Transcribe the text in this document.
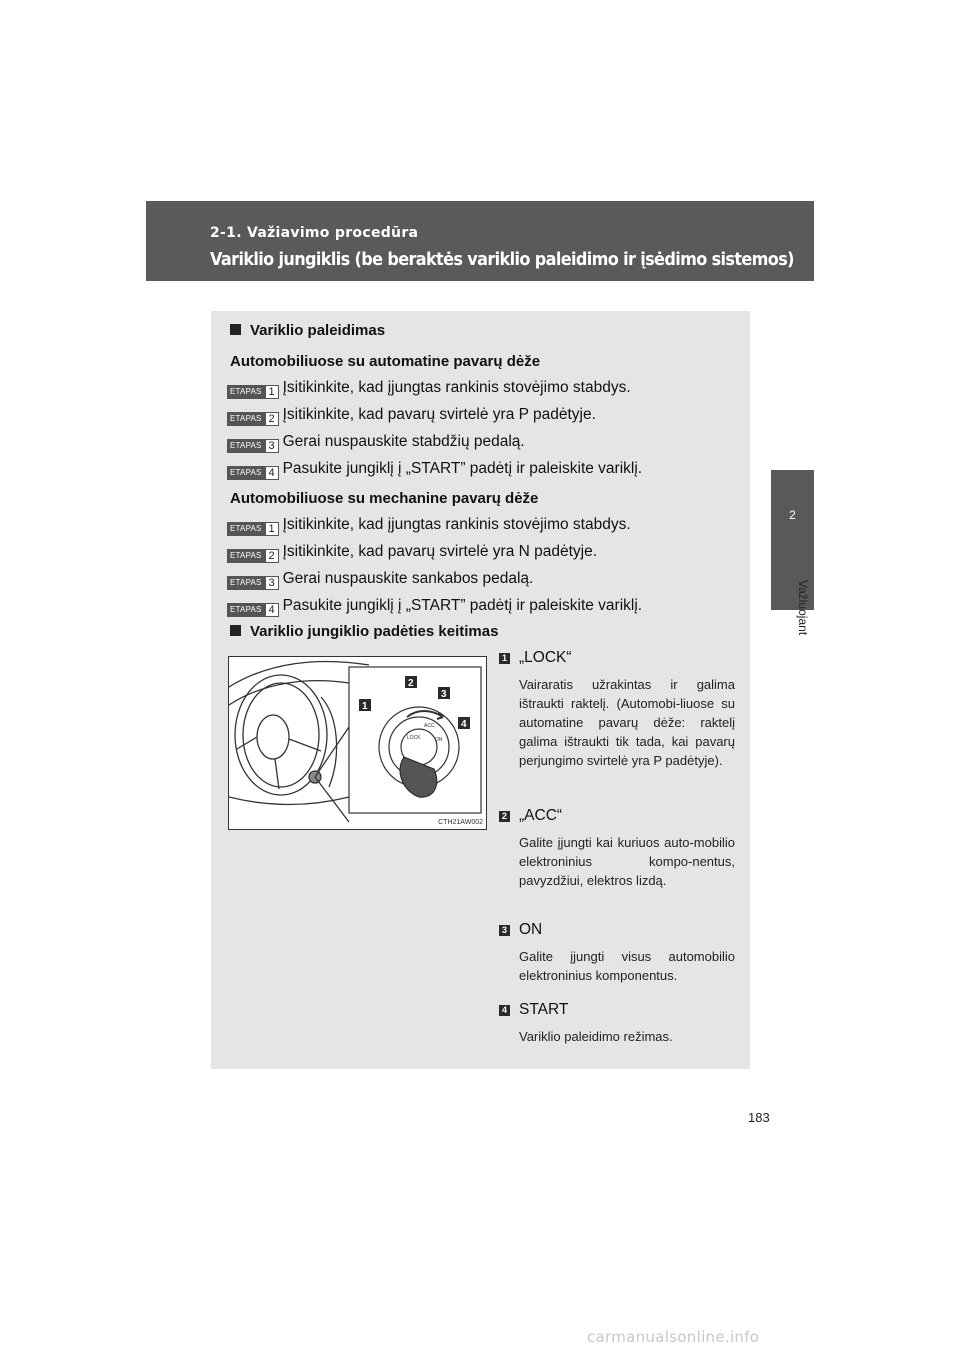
2-1. Važiavimo procedūra
Variklio jungiklis (be beraktės variklio paleidimo ir įsėdimo sistemos)
2
Važiuojant
Variklio paleidimas
Automobiliuose su automatine pavarų dėže
ETAPAS 1 Įsitikinkite, kad įjungtas rankinis stovėjimo stabdys.
ETAPAS 2 Įsitikinkite, kad pavarų svirtelė yra P padėtyje.
ETAPAS 3 Gerai nuspauskite stabdžių pedalą.
ETAPAS 4 Pasukite jungiklį į „START” padėtį ir paleiskite variklį.
Automobiliuose su mechanine pavarų dėže
ETAPAS 1 Įsitikinkite, kad įjungtas rankinis stovėjimo stabdys.
ETAPAS 2 Įsitikinkite, kad pavarų svirtelė yra N padėtyje.
ETAPAS 3 Gerai nuspauskite sankabos pedalą.
ETAPAS 4 Pasukite jungiklį į „START” padėtį ir paleiskite variklį.
Variklio jungiklio padėties keitimas
LOCK
ACC
ON
1
2
3
4
CTH21AW002
1 „LOCK“
Vairaratis užrakintas ir galima ištraukti raktelį. (Automobi-liuose su automatine pavarų dėže: raktelį galima ištraukti tik tada, kai pavarų perjungimo svirtelė yra P padėtyje).
2 „ACC“
Galite įjungti kai kuriuos auto-mobilio elektroninius kompo-nentus, pavyzdžiui, elektros lizdą.
3 ON
Galite įjungti visus automobilio elektroninius komponentus.
4 START
Variklio paleidimo režimas.
183
carmanualsonline.info
